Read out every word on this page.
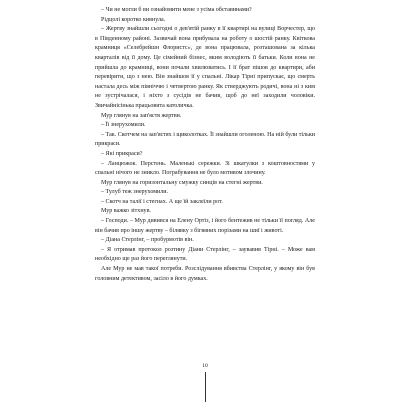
– Чи не могли б ви ознайомити мене з усіма обставинами?

Рідцолі коротко кивнула.

– Жертву знайшли сьогодні о дев'ятій ранку в її квартирі на вулиці Ворчестер, що в Південному районі. Зазвичай вона прибувала на роботу о шостій ранку. Квіткова крамниця «Селебрейшн Флористс», де вона працювала, розташована за кілька кварталів від її дому. Це сімейний бізнес, яким володіють її батьки. Коли вона не прийшла до крамниці, вони почали хвилюватись. І її брат пішов до квартири, аби перевірити, що з нею. Він знайшов її у спальні. Лікар Тірні припускає, що смерть настала десь між північчю і четвертою ранку. Як стверджують родичі, вона ні з ким не зустрічалася, і ніхто з сусідів не бачив, щоб до неї заходили чоловіки. Звичайнісінька працьовита католичка.

Мур глянув на зап'ястя жертви.

– Її знерухомили.

– Так. Скотчем на зап'ястях і щиколотках. Її знайшли оголеною. На ній були тільки прикраси.

– Які прикраси?

– Ланцюжок. Перстень. Маленькі сережки. Зі шкатулки з коштовностями у спальні нічого не зникло. Пограбування не було мотивом злочину.

Мур глянув на горизонтальну смужку синців на стегні жертви.

– Тулуб теж знерухомили.

– Скотч на талії і стегнах. А ще їй заклеїли рот.

Мур важко зітхнув.

– Господи. – Мур дивився на Елену Ортіз, і його бентежив не тільки її погляд. Але він бачив про іншу жертву – білявку з бігвяних порізами на шиї і животі.

– Діана Стерлінг, – пробурмотів він.

– Я отримав протокол розтину Діани Стерлінг, – заувавив Тірні. – Може вам необхідно ще раз його переглянути.

Але Мур не мав такої потреби. Розслідування вбивства Стерлінг, у якому він був головним детективом, засіло в його думках.

10
